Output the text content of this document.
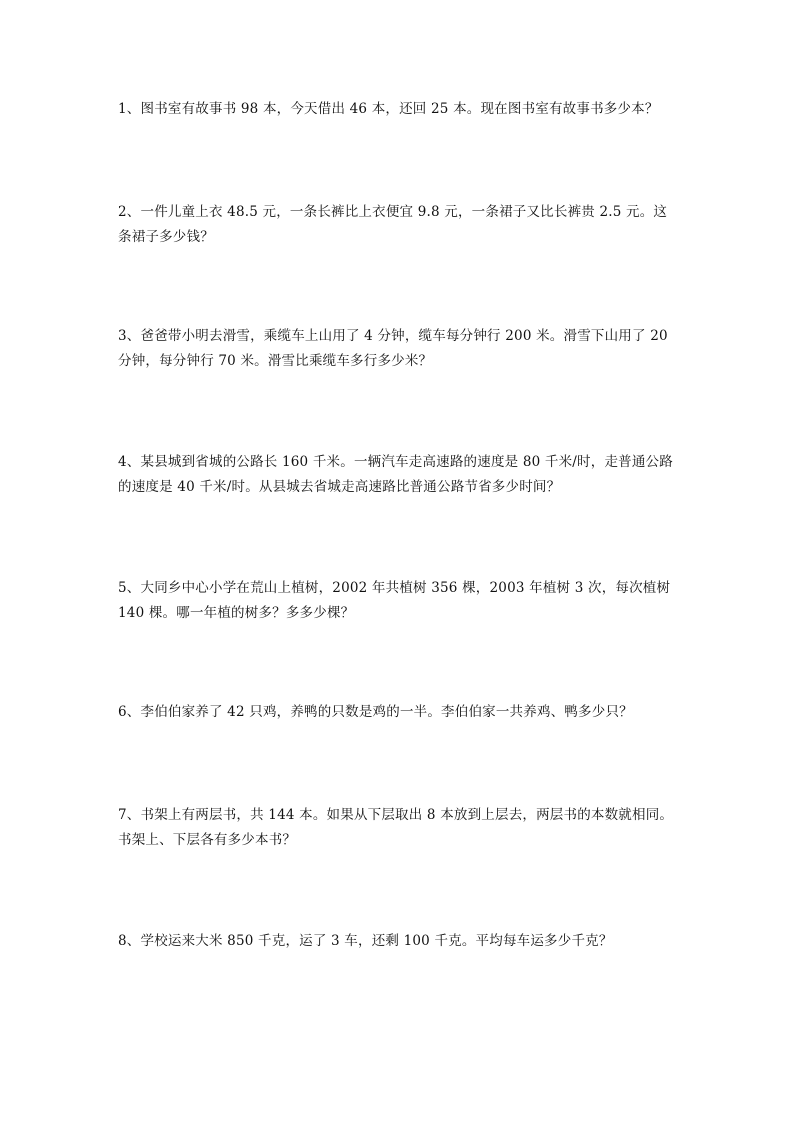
1、图书室有故事书 98 本，今天借出 46 本，还回 25 本。现在图书室有故事书多少本？

2、一件儿童上衣 48.5 元，一条长裤比上衣便宜 9.8 元，一条裙子又比长裤贵 2.5 元。这条裙子多少钱？

3、爸爸带小明去滑雪，乘缆车上山用了 4 分钟，缆车每分钟行 200 米。滑雪下山用了 20 分钟，每分钟行 70 米。滑雪比乘缆车多行多少米？

4、某县城到省城的公路长 160 千米。一辆汽车走高速路的速度是 80 千米/时，走普通公路的速度是 40 千米/时。从县城去省城走高速路比普通公路节省多少时间？

5、大同乡中心小学在荒山上植树，2002 年共植树 356 棵，2003 年植树 3 次，每次植树 140 棵。哪一年植的树多？多多少棵？

6、李伯伯家养了 42 只鸡，养鸭的只数是鸡的一半。李伯伯家一共养鸡、鸭多少只？

7、书架上有两层书，共 144 本。如果从下层取出 8 本放到上层去，两层书的本数就相同。书架上、下层各有多少本书？

8、学校运来大米 850 千克，运了 3 车，还剩 100 千克。平均每车运多少千克？
